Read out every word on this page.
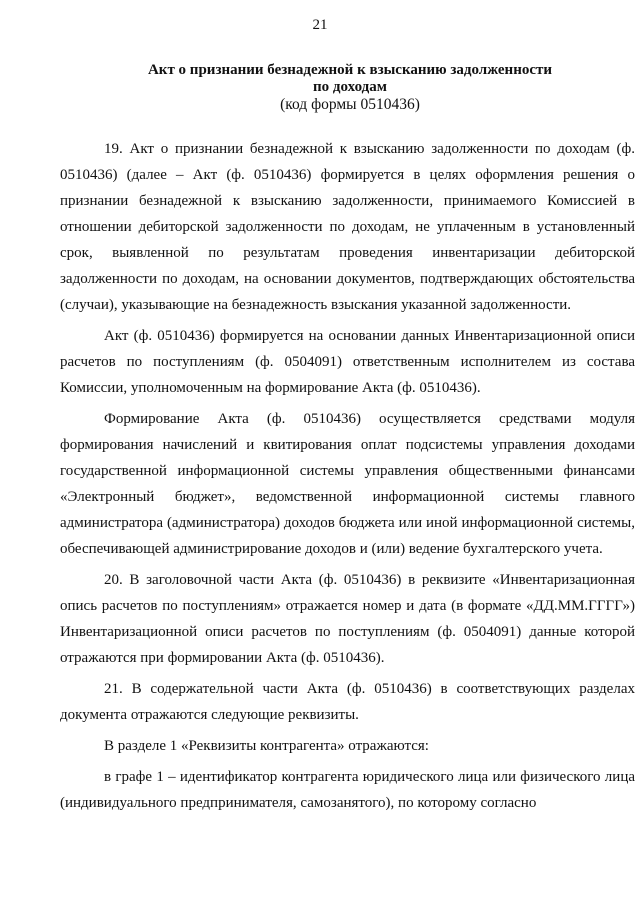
21
Акт о признании безнадежной к взысканию задолженности
по доходам
(код формы 0510436)

19. Акт о признании безнадежной к взысканию задолженности по доходам (ф. 0510436) (далее – Акт (ф. 0510436) формируется в целях оформления решения о признании безнадежной к взысканию задолженности, принимаемого Комиссией в отношении дебиторской задолженности по доходам, не уплаченным в установленный срок, выявленной по результатам проведения инвентаризации дебиторской задолженности по доходам, на основании документов, подтверждающих обстоятельства (случаи), указывающие на безнадежность взыскания указанной задолженности.

Акт (ф. 0510436) формируется на основании данных Инвентаризационной описи расчетов по поступлениям (ф. 0504091) ответственным исполнителем из состава Комиссии, уполномоченным на формирование Акта (ф. 0510436).

Формирование Акта (ф. 0510436) осуществляется средствами модуля формирования начислений и квитирования оплат подсистемы управления доходами государственной информационной системы управления общественными финансами «Электронный бюджет», ведомственной информационной системы главного администратора (администратора) доходов бюджета или иной информационной системы, обеспечивающей администрирование доходов и (или) ведение бухгалтерского учета.

20. В заголовочной части Акта (ф. 0510436) в реквизите «Инвентаризационная опись расчетов по поступлениям» отражается номер и дата (в формате «ДД.ММ.ГГГГ») Инвентаризационной описи расчетов по поступлениям (ф. 0504091) данные которой отражаются при формировании Акта (ф. 0510436).

21. В содержательной части Акта (ф. 0510436) в соответствующих разделах документа отражаются следующие реквизиты.

В разделе 1 «Реквизиты контрагента» отражаются:

в графе 1 – идентификатор контрагента юридического лица или физического лица (индивидуального предпринимателя, самозанятого), по которому согласно
